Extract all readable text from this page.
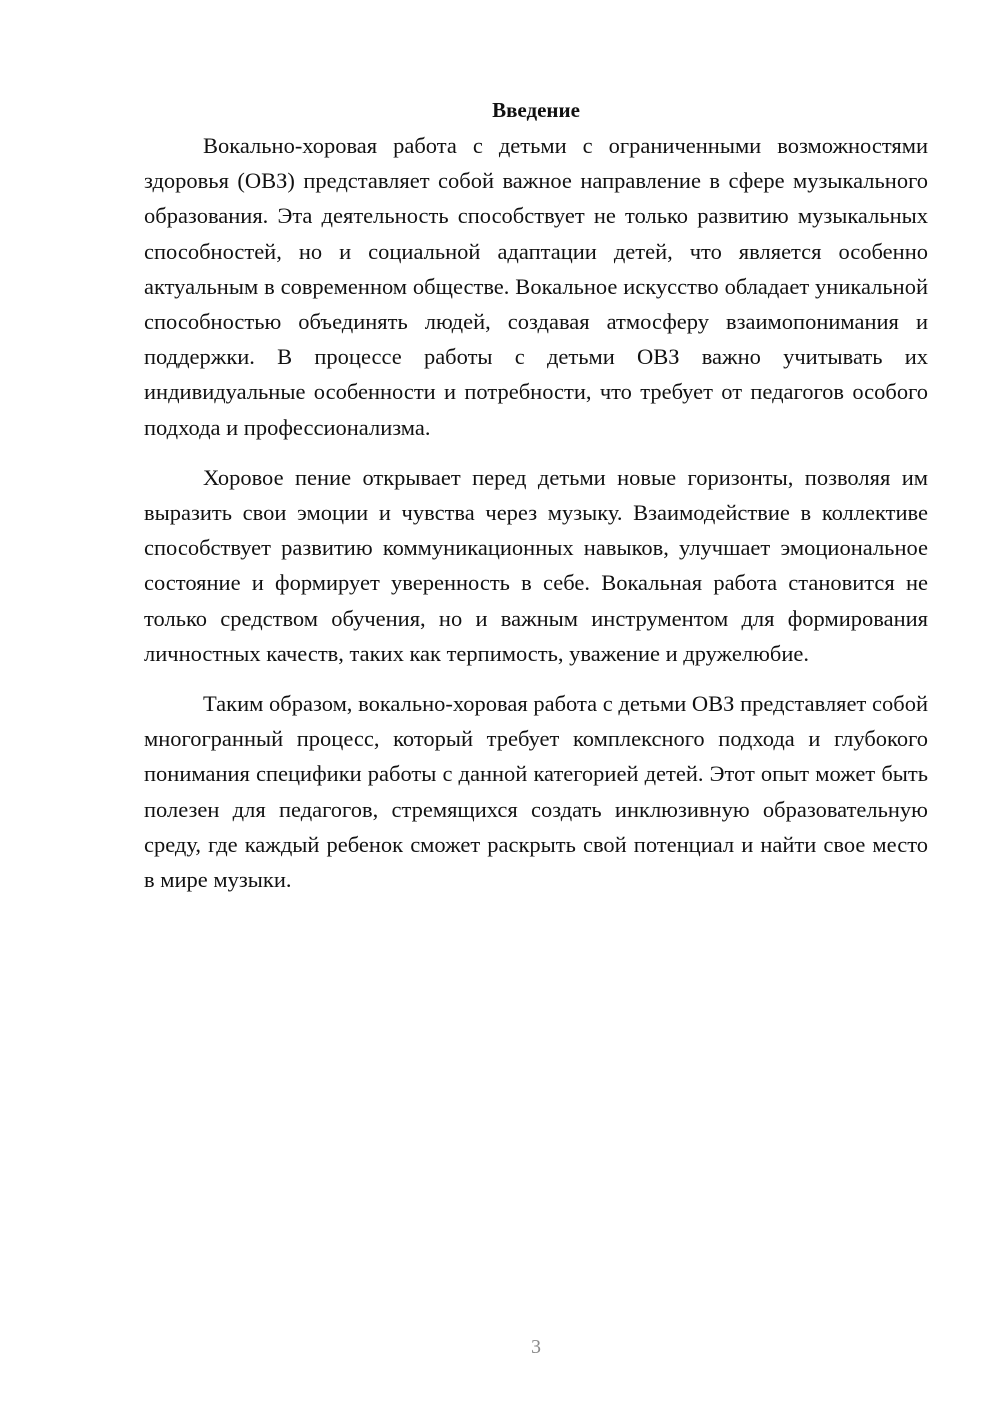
Введение

Вокально-хоровая работа с детьми с ограниченными возможностями здоровья (ОВЗ) представляет собой важное направление в сфере музыкального образования. Эта деятельность способствует не только развитию музыкальных способностей, но и социальной адаптации детей, что является особенно актуальным в современном обществе. Вокальное искусство обладает уникальной способностью объединять людей, создавая атмосферу взаимопонимания и поддержки. В процессе работы с детьми ОВЗ важно учитывать их индивидуальные особенности и потребности, что требует от педагогов особого подхода и профессионализма.

Хоровое пение открывает перед детьми новые горизонты, позволяя им выразить свои эмоции и чувства через музыку. Взаимодействие в коллективе способствует развитию коммуникационных навыков, улучшает эмоциональное состояние и формирует уверенность в себе. Вокальная работа становится не только средством обучения, но и важным инструментом для формирования личностных качеств, таких как терпимость, уважение и дружелюбие.

Таким образом, вокально-хоровая работа с детьми ОВЗ представляет собой многогранный процесс, который требует комплексного подхода и глубокого понимания специфики работы с данной категорией детей. Этот опыт может быть полезен для педагогов, стремящихся создать инклюзивную образовательную среду, где каждый ребенок сможет раскрыть свой потенциал и найти свое место в мире музыки.

3
